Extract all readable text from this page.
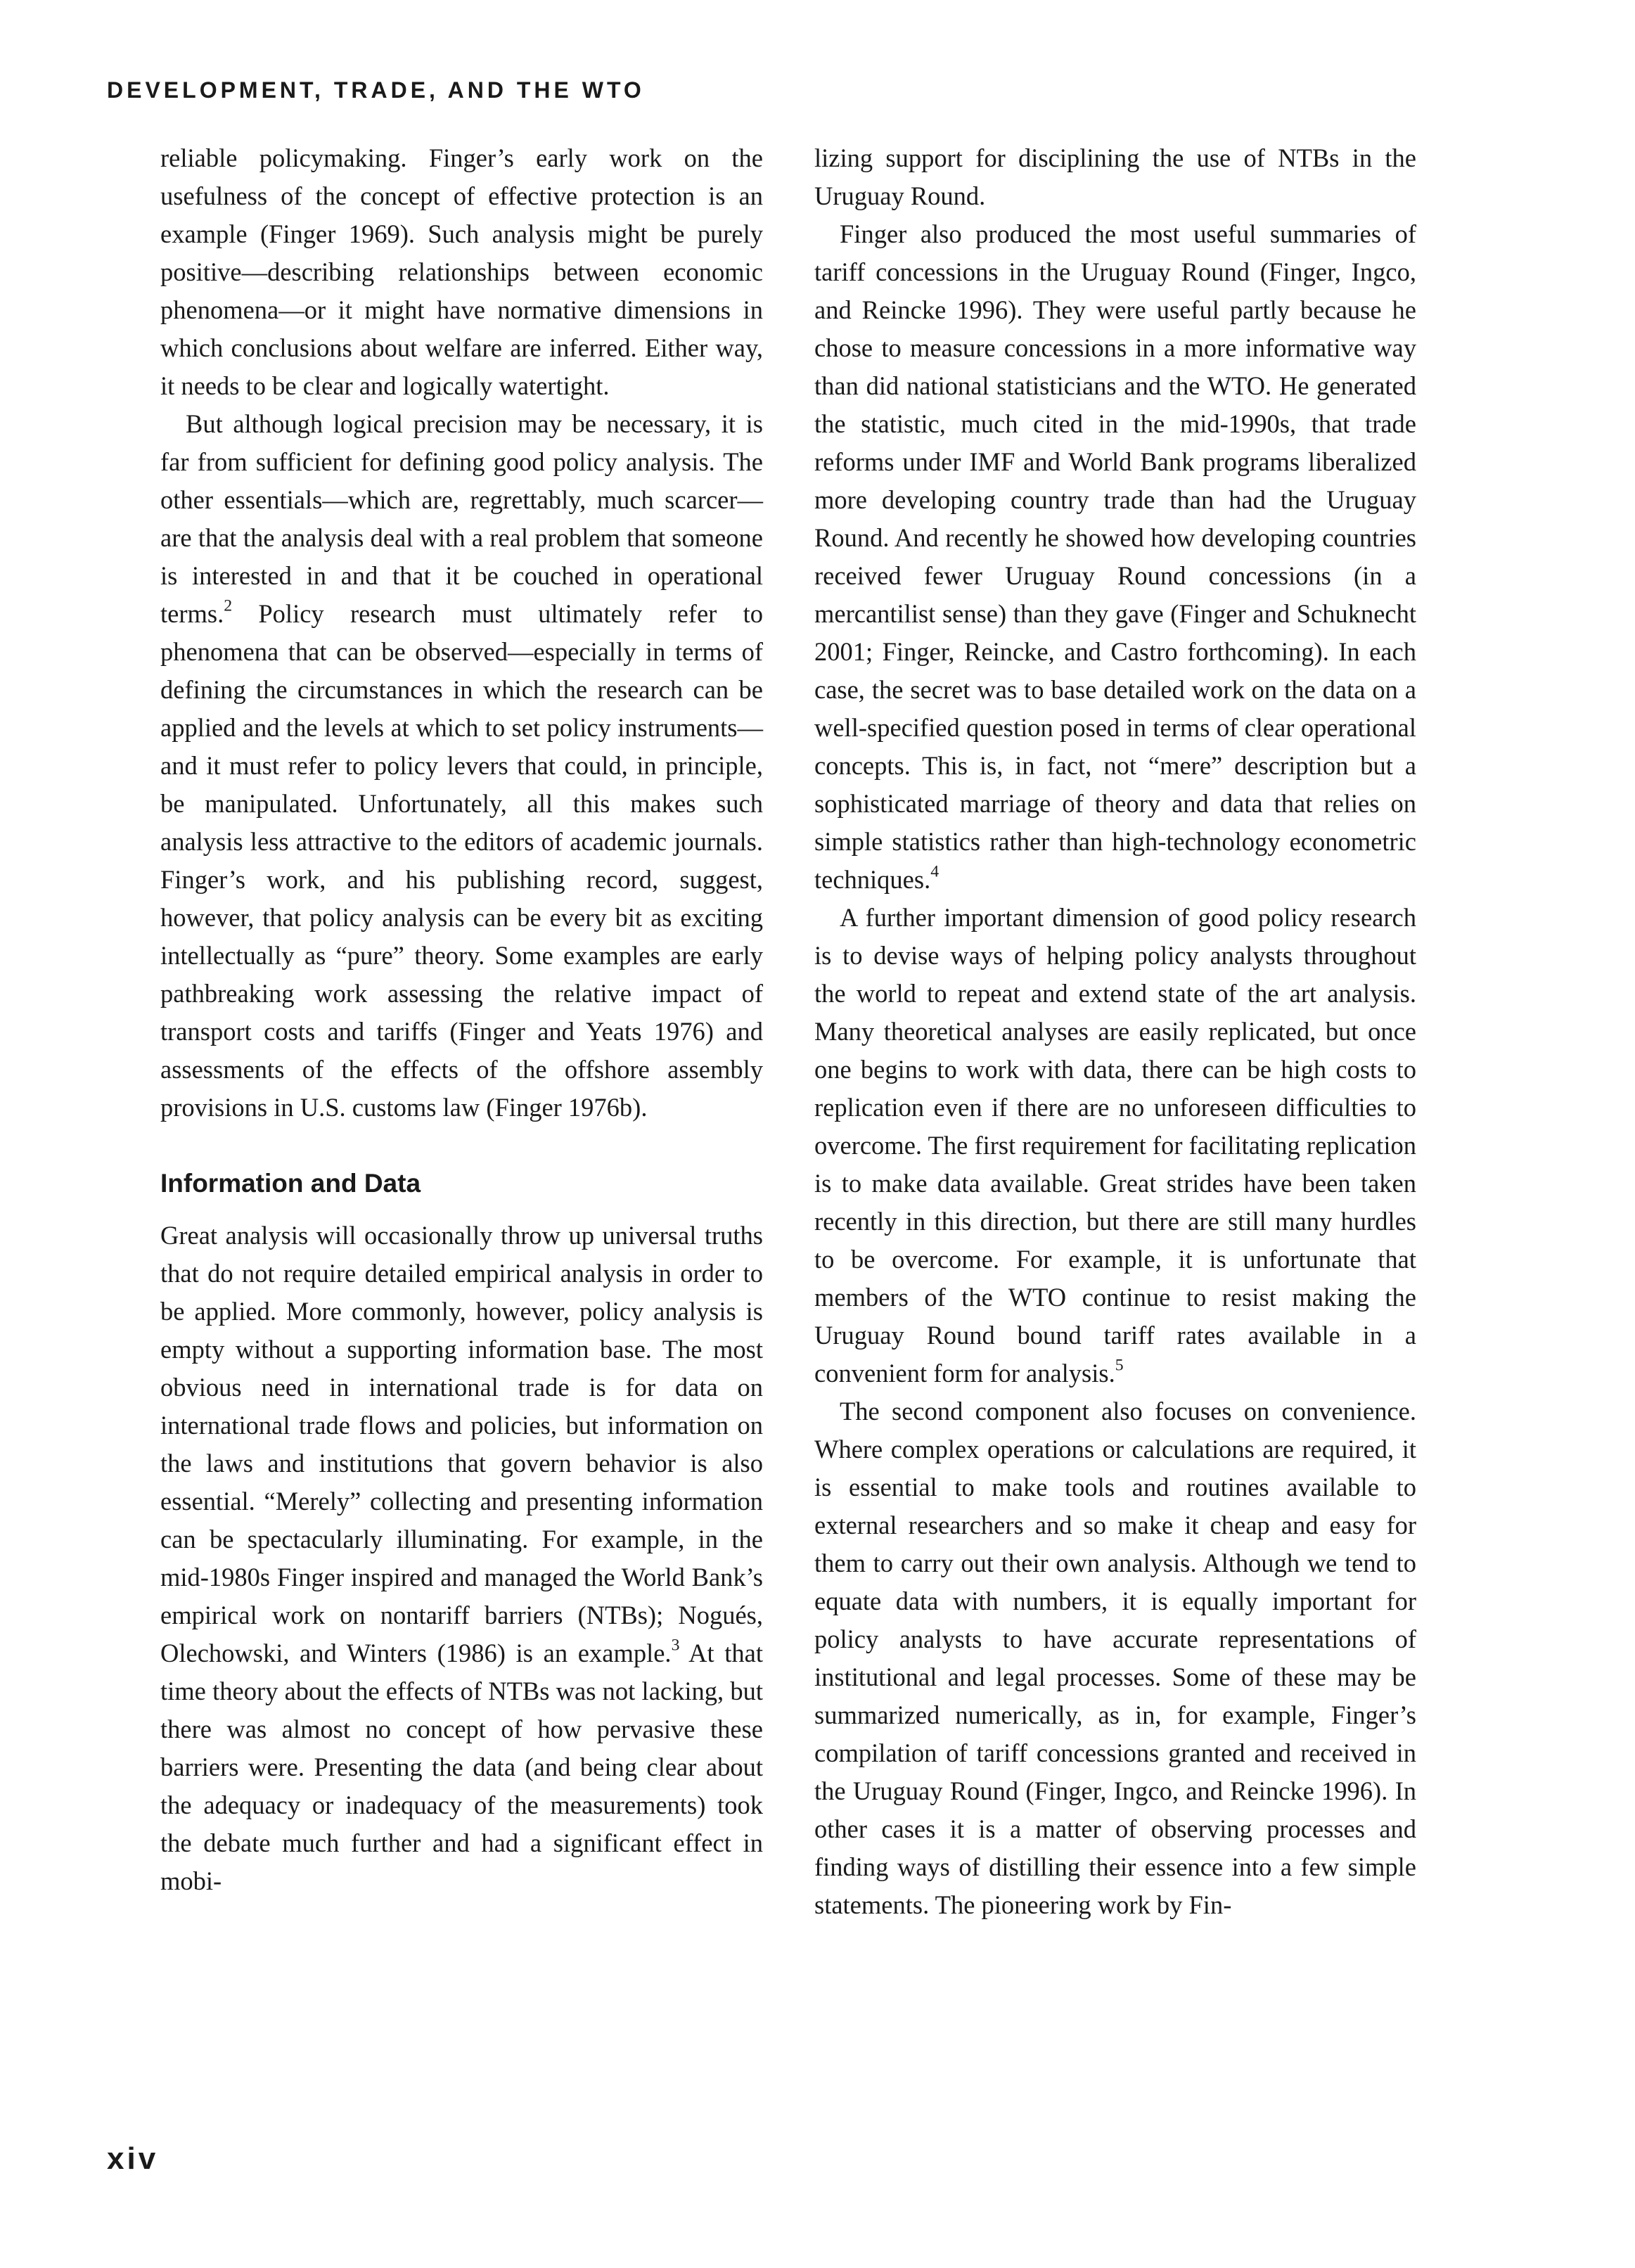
DEVELOPMENT, TRADE, AND THE WTO

reliable policymaking. Finger’s early work on the usefulness of the concept of effective protection is an example (Finger 1969). Such analysis might be purely positive—describing relationships between economic phenomena—or it might have normative dimensions in which conclusions about welfare are inferred. Either way, it needs to be clear and logically watertight.

But although logical precision may be necessary, it is far from sufficient for defining good policy analysis. The other essentials—which are, regrettably, much scarcer—are that the analysis deal with a real problem that someone is interested in and that it be couched in operational terms.$^2$ Policy research must ultimately refer to phenomena that can be observed—especially in terms of defining the circumstances in which the research can be applied and the levels at which to set policy instruments—and it must refer to policy levers that could, in principle, be manipulated. Unfortunately, all this makes such analysis less attractive to the editors of academic journals. Finger’s work, and his publishing record, suggest, however, that policy analysis can be every bit as exciting intellectually as “pure” theory. Some examples are early pathbreaking work assessing the relative impact of transport costs and tariffs (Finger and Yeats 1976) and assessments of the effects of the offshore assembly provisions in U.S. customs law (Finger 1976b).

Information and Data

Great analysis will occasionally throw up universal truths that do not require detailed empirical analysis in order to be applied. More commonly, however, policy analysis is empty without a supporting information base. The most obvious need in international trade is for data on international trade flows and policies, but information on the laws and institutions that govern behavior is also essential. “Merely” collecting and presenting information can be spectacularly illuminating. For example, in the mid-1980s Finger inspired and managed the World Bank’s empirical work on nontariff barriers (NTBs); Nogués, Olechowski, and Winters (1986) is an example.$^3$ At that time theory about the effects of NTBs was not lacking, but there was almost no concept of how pervasive these barriers were. Presenting the data (and being clear about the adequacy or inadequacy of the measurements) took the debate much further and had a significant effect in mobi-

lizing support for disciplining the use of NTBs in the Uruguay Round.

Finger also produced the most useful summaries of tariff concessions in the Uruguay Round (Finger, Ingco, and Reincke 1996). They were useful partly because he chose to measure concessions in a more informative way than did national statisticians and the WTO. He generated the statistic, much cited in the mid-1990s, that trade reforms under IMF and World Bank programs liberalized more developing country trade than had the Uruguay Round. And recently he showed how developing countries received fewer Uruguay Round concessions (in a mercantilist sense) than they gave (Finger and Schuknecht 2001; Finger, Reincke, and Castro forthcoming). In each case, the secret was to base detailed work on the data on a well-specified question posed in terms of clear operational concepts. This is, in fact, not “mere” description but a sophisticated marriage of theory and data that relies on simple statistics rather than high-technology econometric techniques.$^4$

A further important dimension of good policy research is to devise ways of helping policy analysts throughout the world to repeat and extend state of the art analysis. Many theoretical analyses are easily replicated, but once one begins to work with data, there can be high costs to replication even if there are no unforeseen difficulties to overcome. The first requirement for facilitating replication is to make data available. Great strides have been taken recently in this direction, but there are still many hurdles to be overcome. For example, it is unfortunate that members of the WTO continue to resist making the Uruguay Round bound tariff rates available in a convenient form for analysis.$^5$

The second component also focuses on convenience. Where complex operations or calculations are required, it is essential to make tools and routines available to external researchers and so make it cheap and easy for them to carry out their own analysis. Although we tend to equate data with numbers, it is equally important for policy analysts to have accurate representations of institutional and legal processes. Some of these may be summarized numerically, as in, for example, Finger’s compilation of tariff concessions granted and received in the Uruguay Round (Finger, Ingco, and Reincke 1996). In other cases it is a matter of observing processes and finding ways of distilling their essence into a few simple statements. The pioneering work by Fin-

xiv
